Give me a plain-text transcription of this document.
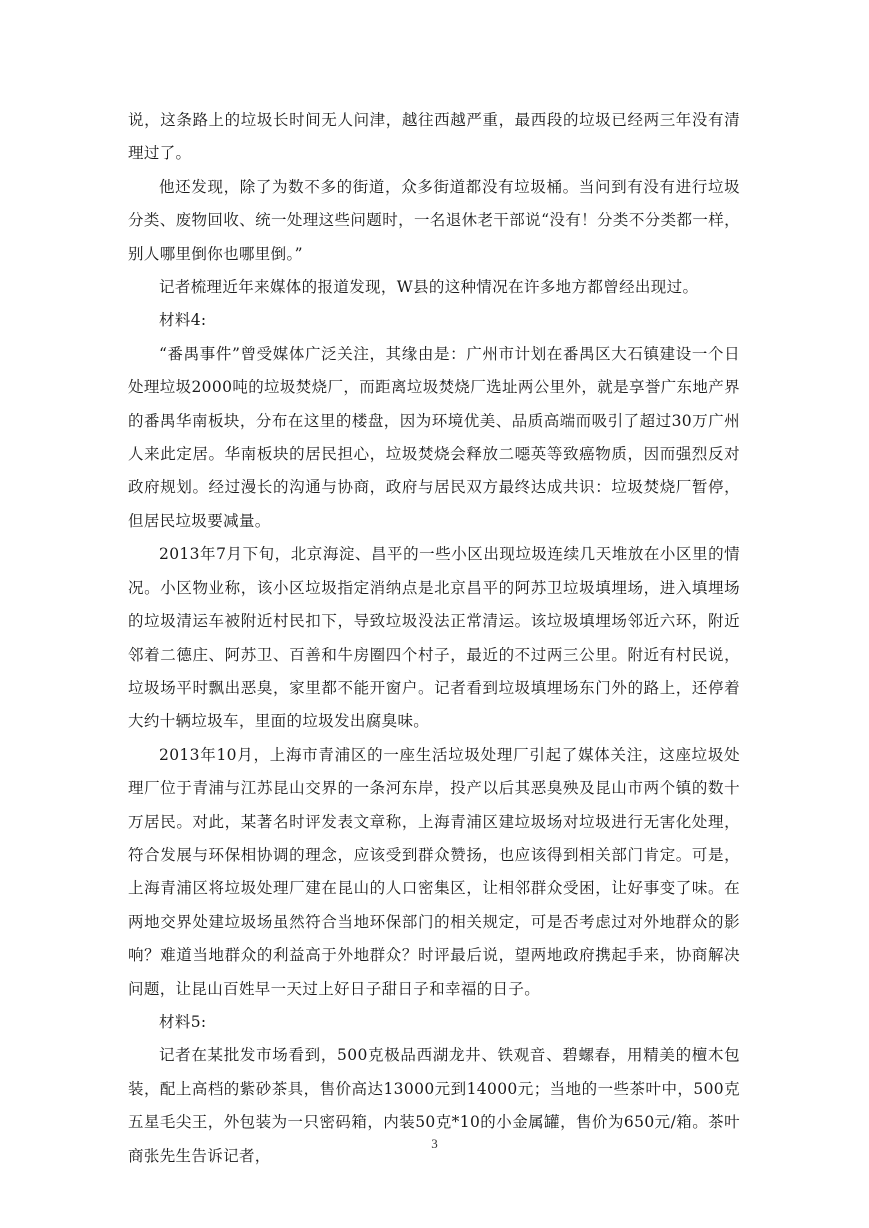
说，这条路上的垃圾长时间无人问津，越往西越严重，最西段的垃圾已经两三年没有清理过了。

他还发现，除了为数不多的街道，众多街道都没有垃圾桶。当问到有没有进行垃圾分类、废物回收、统一处理这些问题时，一名退休老干部说“没有！分类不分类都一样，别人哪里倒你也哪里倒。”

记者梳理近年来媒体的报道发现，W县的这种情况在许多地方都曾经出现过。

材料4:

“番禺事件”曾受媒体广泛关注，其缘由是：广州市计划在番禺区大石镇建设一个日处理垃圾2000吨的垃圾焚烧厂，而距离垃圾焚烧厂选址两公里外，就是享誉广东地产界的番禺华南板块，分布在这里的楼盘，因为环境优美、品质高端而吸引了超过30万广州人来此定居。华南板块的居民担心，垃圾焚烧会释放二噁英等致癌物质，因而强烈反对政府规划。经过漫长的沟通与协商，政府与居民双方最终达成共识：垃圾焚烧厂暂停，但居民垃圾要减量。

2013年7月下旬，北京海淀、昌平的一些小区出现垃圾连续几天堆放在小区里的情况。小区物业称，该小区垃圾指定消纳点是北京昌平的阿苏卫垃圾填埋场，进入填埋场的垃圾清运车被附近村民扣下，导致垃圾没法正常清运。该垃圾填埋场邻近六环，附近邻着二德庄、阿苏卫、百善和牛房圈四个村子，最近的不过两三公里。附近有村民说，垃圾场平时飘出恶臭，家里都不能开窗户。记者看到垃圾填埋场东门外的路上，还停着大约十辆垃圾车，里面的垃圾发出腐臭味。

2013年10月，上海市青浦区的一座生活垃圾处理厂引起了媒体关注，这座垃圾处理厂位于青浦与江苏昆山交界的一条河东岸，投产以后其恶臭殃及昆山市两个镇的数十万居民。对此，某著名时评发表文章称，上海青浦区建垃圾场对垃圾进行无害化处理，符合发展与环保相协调的理念，应该受到群众赞扬，也应该得到相关部门肯定。可是，上海青浦区将垃圾处理厂建在昆山的人口密集区，让相邻群众受困，让好事变了味。在两地交界处建垃圾场虽然符合当地环保部门的相关规定，可是否考虑过对外地群众的影响？难道当地群众的利益高于外地群众？时评最后说，望两地政府携起手来，协商解决问题，让昆山百姓早一天过上好日子甜日子和幸福的日子。

材料5:

记者在某批发市场看到，500克极品西湖龙井、铁观音、碧螺春，用精美的檀木包装，配上高档的紫砂茶具，售价高达13000元到14000元；当地的一些茶叶中，500克五星毛尖王，外包装为一只密码箱，内装50克*10的小金属罐，售价为650元/箱。茶叶商张先生告诉记者，

3
